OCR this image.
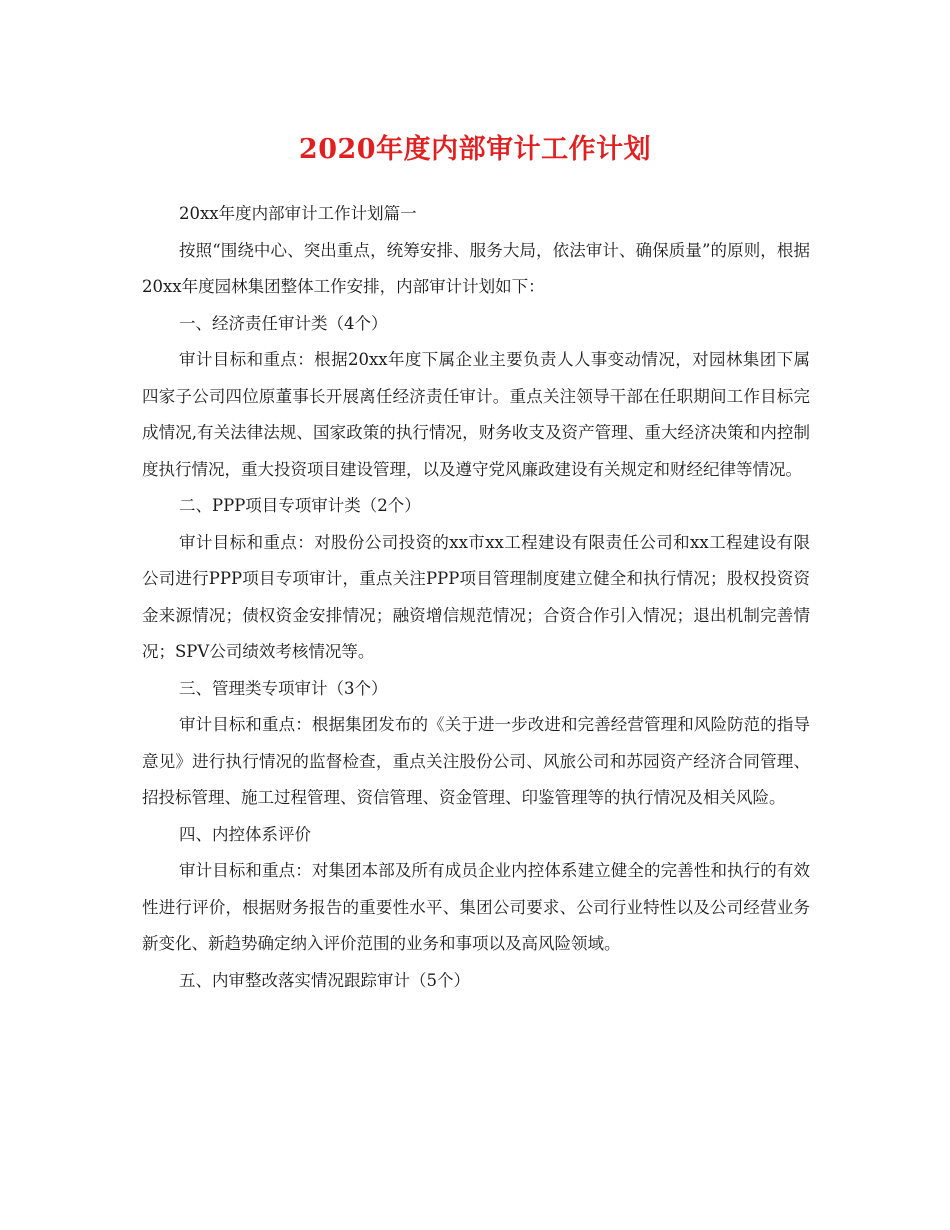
2020年度内部审计工作计划

20xx年度内部审计工作计划篇一

按照“围绕中心、突出重点，统筹安排、服务大局，依法审计、确保质量”的原则，根据20xx年度园林集团整体工作安排，内部审计计划如下：

一、经济责任审计类（4个）

审计目标和重点：根据20xx年度下属企业主要负责人人事变动情况，对园林集团下属四家子公司四位原董事长开展离任经济责任审计。重点关注领导干部在任职期间工作目标完成情况,有关法律法规、国家政策的执行情况，财务收支及资产管理、重大经济决策和内控制度执行情况，重大投资项目建设管理，以及遵守党风廉政建设有关规定和财经纪律等情况。

二、PPP项目专项审计类（2个）

审计目标和重点：对股份公司投资的xx市xx工程建设有限责任公司和xx工程建设有限公司进行PPP项目专项审计，重点关注PPP项目管理制度建立健全和执行情况；股权投资资金来源情况；债权资金安排情况；融资增信规范情况；合资合作引入情况；退出机制完善情况；SPV公司绩效考核情况等。

三、管理类专项审计（3个）

审计目标和重点：根据集团发布的《关于进一步改进和完善经营管理和风险防范的指导意见》进行执行情况的监督检查，重点关注股份公司、风旅公司和苏园资产经济合同管理、招投标管理、施工过程管理、资信管理、资金管理、印鉴管理等的执行情况及相关风险。

四、内控体系评价

审计目标和重点：对集团本部及所有成员企业内控体系建立健全的完善性和执行的有效性进行评价，根据财务报告的重要性水平、集团公司要求、公司行业特性以及公司经营业务新变化、新趋势确定纳入评价范围的业务和事项以及高风险领域。

五、内审整改落实情况跟踪审计（5个）
